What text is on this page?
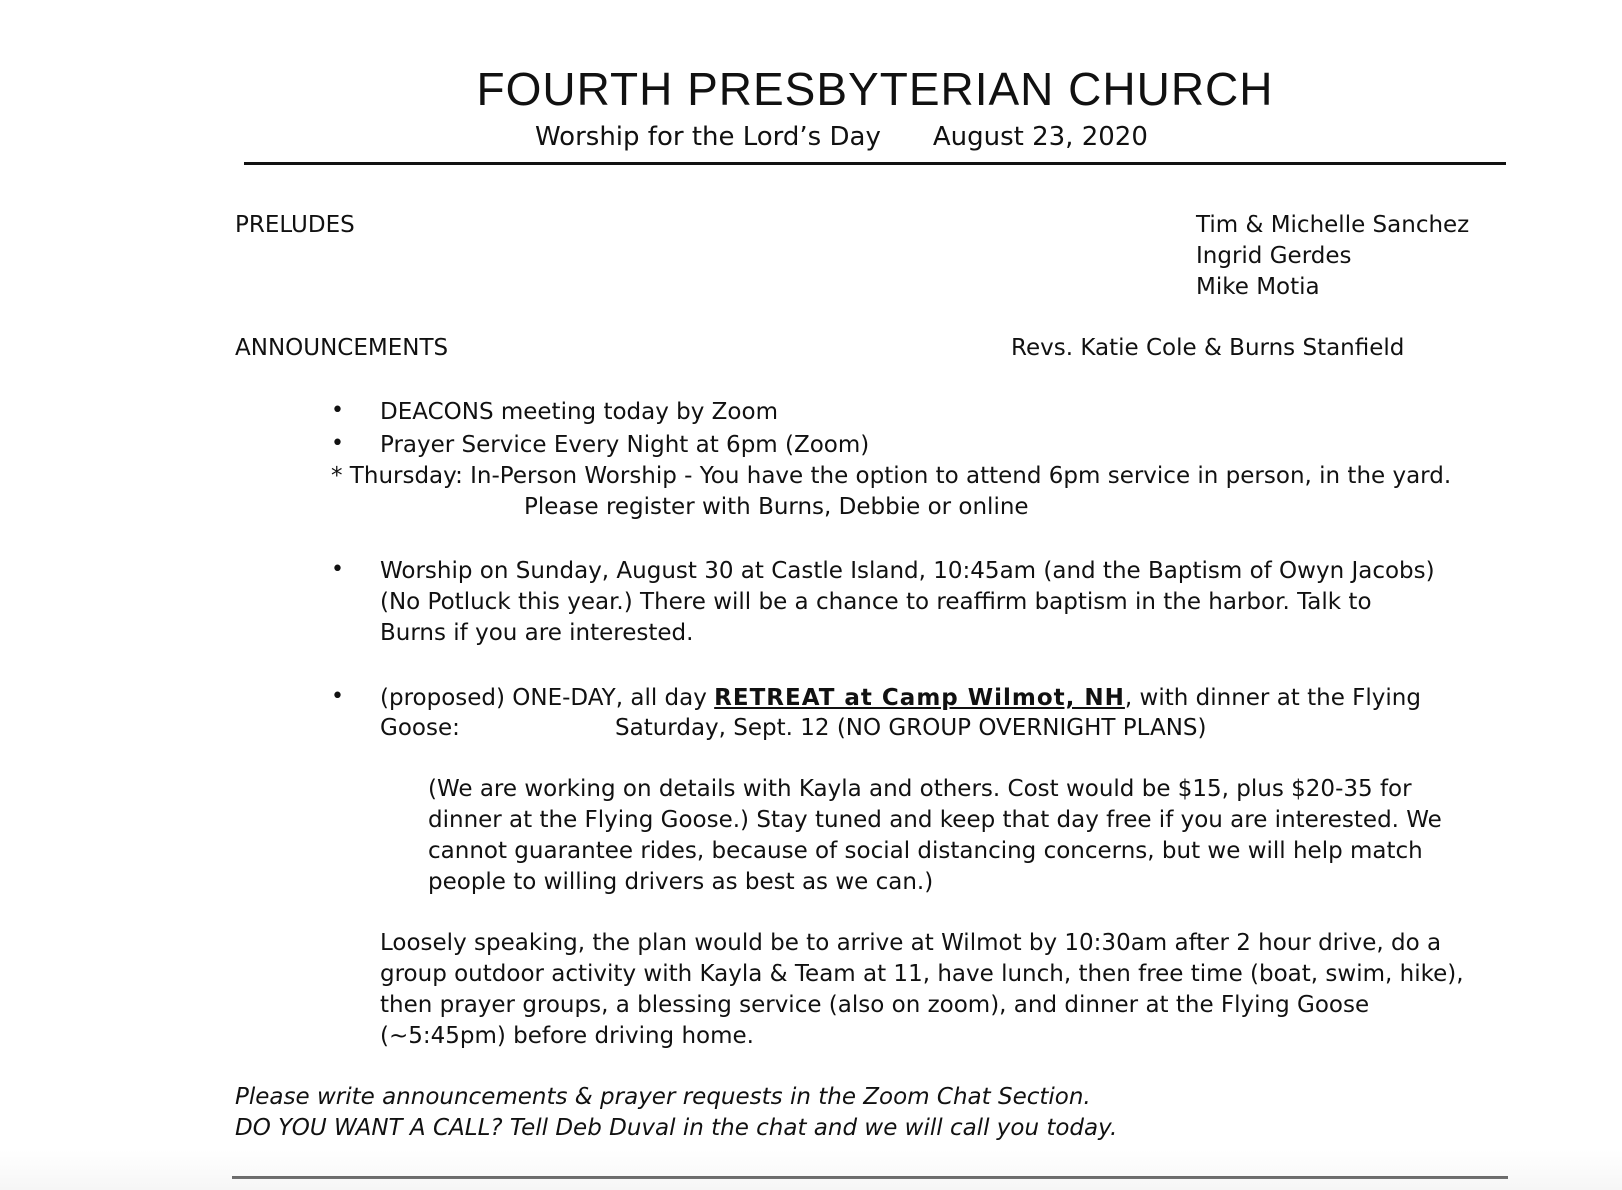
FOURTH PRESBYTERIAN CHURCH
Worship for the Lord’s Day August 23, 2020
PRELUDES	Tim & Michelle Sanchez
Ingrid Gerdes
Mike Motia
ANNOUNCEMENTS	Revs. Katie Cole & Burns Stanfield
• DEACONS meeting today by Zoom
• Prayer Service Every Night at 6pm (Zoom)
* Thursday: In-Person Worship - You have the option to attend 6pm service in person, in the yard.
Please register with Burns, Debbie or online
• Worship on Sunday, August 30 at Castle Island, 10:45am (and the Baptism of Owyn Jacobs)
(No Potluck this year.) There will be a chance to reaffirm baptism in the harbor. Talk to
Burns if you are interested.
• (proposed) ONE-DAY, all day RETREAT at Camp Wilmot, NH, with dinner at the Flying
Goose:	Saturday, Sept. 12 (NO GROUP OVERNIGHT PLANS)
(We are working on details with Kayla and others. Cost would be $15, plus $20-35 for
dinner at the Flying Goose.) Stay tuned and keep that day free if you are interested. We
cannot guarantee rides, because of social distancing concerns, but we will help match
people to willing drivers as best as we can.)
Loosely speaking, the plan would be to arrive at Wilmot by 10:30am after 2 hour drive, do a
group outdoor activity with Kayla & Team at 11, have lunch, then free time (boat, swim, hike),
then prayer groups, a blessing service (also on zoom), and dinner at the Flying Goose
(~5:45pm) before driving home.
Please write announcements & prayer requests in the Zoom Chat Section.
DO YOU WANT A CALL? Tell Deb Duval in the chat and we will call you today.
